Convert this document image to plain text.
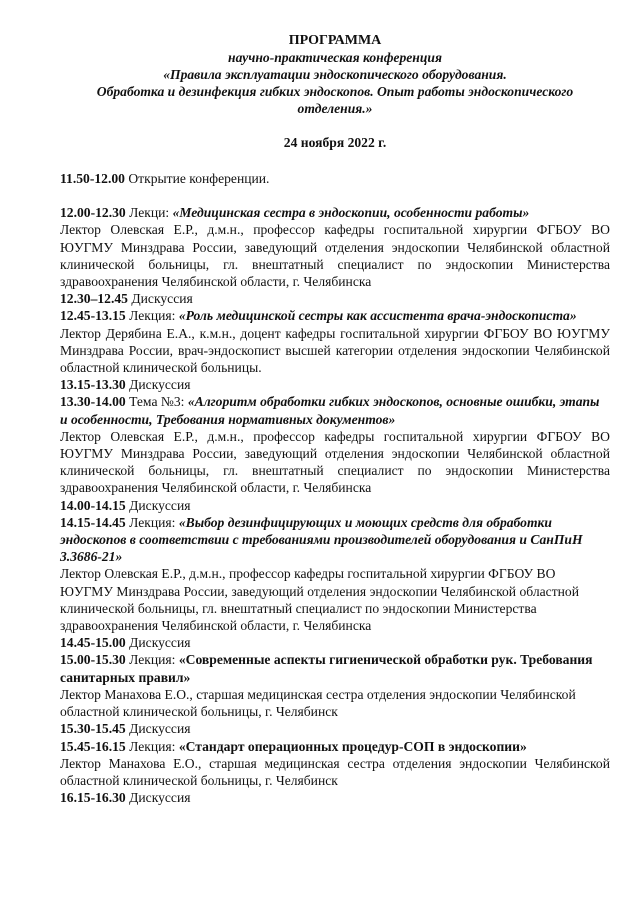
ПРОГРАММА
научно-практическая конференция
«Правила эксплуатации эндоскопического оборудования.
Обработка и дезинфекция гибких эндоскопов. Опыт работы эндоскопического отделения.»
24 ноября 2022 г.

11.50-12.00 Открытие конференции.

12.00-12.30 Лекци: «Медицинская сестра в эндоскопии, особенности работы»

Лектор Олевская Е.Р., д.м.н., профессор кафедры госпитальной хирургии ФГБОУ ВО ЮУГМУ Минздрава России, заведующий отделения эндоскопии Челябинской областной клинической больницы, гл. внештатный специалист по эндоскопии Министерства здравоохранения Челябинской области, г. Челябинска

12.30–12.45 Дискуссия

12.45-13.15 Лекция: «Роль медицинской сестры как ассистента врача-эндоскописта»

Лектор Дерябина Е.А., к.м.н., доцент кафедры госпитальной хирургии ФГБОУ ВО ЮУГМУ Минздрава России, врач-эндоскопист высшей категории отделения эндоскопии Челябинской областной клинической больницы.

13.15-13.30 Дискуссия

13.30-14.00 Тема №3: «Алгоритм обработки гибких эндоскопов, основные ошибки, этапы и особенности, Требования нормативных документов»

Лектор Олевская Е.Р., д.м.н., профессор кафедры госпитальной хирургии ФГБОУ ВО ЮУГМУ Минздрава России, заведующий отделения эндоскопии Челябинской областной клинической больницы, гл. внештатный специалист по эндоскопии Министерства здравоохранения Челябинской области, г. Челябинска

14.00-14.15 Дискуссия

14.15-14.45 Лекция: «Выбор дезинфицирующих и моющих средств для обработки эндоскопов в соответствии с требованиями производителей оборудования и СанПиН 3.3686-21»

Лектор Олевская Е.Р., д.м.н., профессор кафедры госпитальной хирургии ФГБОУ ВО ЮУГМУ Минздрава России, заведующий отделения эндоскопии Челябинской областной клинической больницы, гл. внештатный специалист по эндоскопии Министерства здравоохранения Челябинской области, г. Челябинска

14.45-15.00 Дискуссия

15.00-15.30 Лекция: «Современные аспекты гигиенической обработки рук. Требования санитарных правил»

Лектор Манахова Е.О., старшая медицинская сестра отделения эндоскопии Челябинской областной клинической больницы, г. Челябинск

15.30-15.45 Дискуссия

15.45-16.15 Лекция: «Стандарт операционных процедур-СОП в эндоскопии»

Лектор Манахова Е.О., старшая медицинская сестра отделения эндоскопии Челябинской областной клинической больницы, г. Челябинск

16.15-16.30 Дискуссия
